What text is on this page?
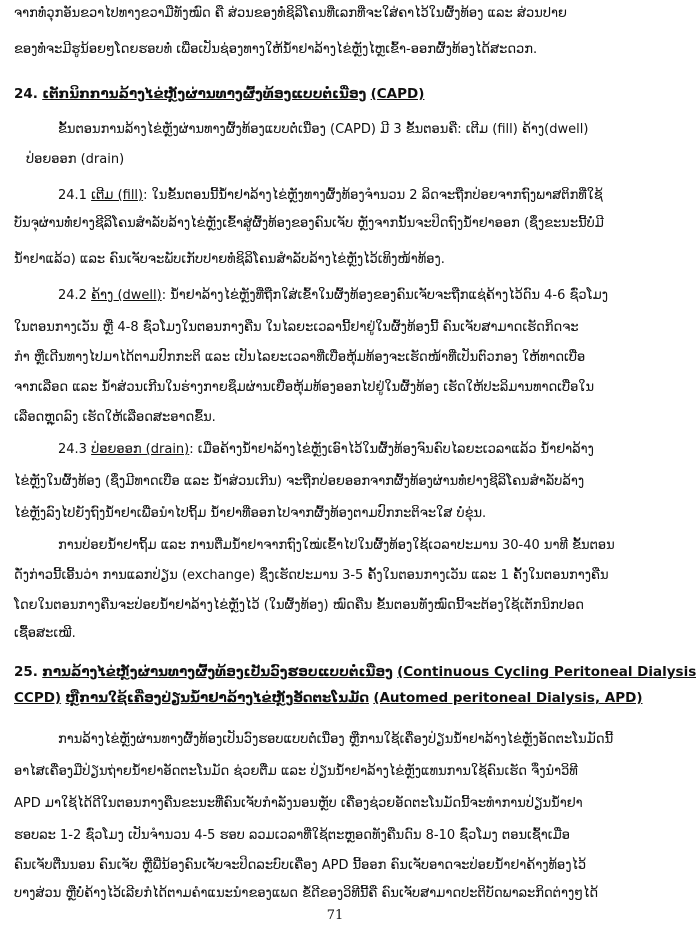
ຈາກທໍ່ວຸກອັນຂວາໄປທາງຂວາມືທັງໝົດ ຄື ສ່ວນຂອງທໍ່ຊິລິໂຄນທີ່ເລກທີ່ຈະໃສ່ຄາໄວ້ໃນຜົ້ງທ້ອງ ແລະ ສ່ວນປາຍ
ຂອງທໍ່ຈະມີຮູນ້ອຍໆໂດຍຮອບທໍ່ ເພື່ອເປັນຊ່ອງທາງໃຫ້ນ້ຳຢາລ້າງໄຂ່ຫຼັງໄຫຼເຂົ້າ-ອອກຜົ້ງທ້ອງໄດ້ສະດວກ.
24. ເຕັກນິກການລ້າງໄຂ່ຫຼັງຜ່ານທາງຜົ້ງທ້ອງແບບຕໍ່ເນື່ອງ (CAPD)
ຂັ້ນຕອນການລ້າງໄຂ່ຫຼັງຜ່ານທາງຜົ້ງທ້ອງແບບຕໍ່ເນື່ອງ (CAPD) ມີ 3 ຂັ້ນຕອນຄື: ເຕີມ (fill) ຄ້າງ(dwell)
ປ່ອຍອອກ (drain)
24.1 ເຕີມ (fill): ໃນຂັ້ນຕອນນີ້ນ້ຳຢາລ້າງໄຂ່ຫຼັງທາງຜົ້ງທ້ອງຈຳນວນ 2 ລິດຈະຖືກປ່ອຍຈາກຖົງພາສຕິກທີ່ໃຊ້
ບັນຈຸຜ່ານທໍ່ຢາງຊີລິໂຄນສຳລັບລ້າງໄຂ່ຫຼັງເຂົ້າສູ່ຜົ້ງທ້ອງຂອງຄົນເຈັບ ຫຼັງຈາກນັ້ນຈະປິດຖົງນ້ຳຢາອອກ (ຊຶ່ງຂະນະນີ້ບໍ່ມີ
ນ້ຳຢາແລ້ວ) ແລະ ຄົນເຈັບຈະພັບເກັບປາຍທໍ່ຊິລິໂຄນສຳລັບລ້າງໄຂ່ຫຼັງໄວ້ເທິງໜ້າທ້ອງ.
24.2 ຄ້າງ (dwell): ນ້ຳຢາລ້າງໄຂ່ຫຼັງທີ່ຖືກໃສ່ເຂົ້າໃນຜົ້ງທ້ອງຂອງຄົນເຈັບຈະຖືກແຊ່ຄ້າງໄວ້ດົນ 4-6 ຊົ່ວໂມງ
ໃນຕອນກາງເວັນ ຫຼື 4-8 ຊົ່ວໂມງໃນຕອນກາງຄືນ ໃນໄລຍະເວລານີ້ຢາຢູ່ໃນຜົ້ງທ້ອງນີ້ ຄົນເຈັບສາມາດເຮັດກິດຈະ
ກຳ ຫຼືເດີນທາງໄປມາໄດ້ຕາມປົກກະຕິ ແລະ ເປັນໄລຍະເວລາທີ່ເບື່ອຫຸ້ມທ້ອງຈະເຮັດໜ້າທີ່ເປັນຕົວກອງ ໃຫ້ທາດເບື່ອ
ຈາກເລືອດ ແລະ ນ້ຳສ່ວນເກີນໃນຮ່າງກາຍຊຶມຜ່ານເຍື່ອຫຸ້ມທ້ອງອອກໄປຢູ່ໃນຜົ້ງທ້ອງ ເຮັດໃຫ້ປະລິມານທາດເບື່ອໃນ
ເລືອດຫຼຸດລົງ ເຮັດໃຫ້ເລືອດສະອາດຂຶ້ນ.
24.3 ປ່ອຍອອກ (drain): ເມື່ອຄ້າງນ້ຳຢາລ້າງໄຂ່ຫຼັງເອົາໄວ້ໃນຜົ້ງທ້ອງຈົນຄົບໄລຍະເວລາແລ້ວ ນ້ຳຢາລ້າງ
ໄຂ່ຫຼັງໃນຜົ້ງທ້ອງ (ຊຶ່ງມີທາດເບື່ອ ແລະ ນ້ຳສ່ວນເກີນ) ຈະຖືກປ່ອຍອອກຈາກຜົ້ງທ້ອງຜ່ານທໍ່ຢາງຊີລິໂຄນສຳລັບລ້າງ
ໄຂ່ຫຼັງລົງໄປຍັງຖົງນ້ຳຢາເພື່ອນຳໄປຖິ້ມ ນ້ຳຢາທີ່ອອກໄປຈາກຜົ້ງທ້ອງຕາມປົກກະຕິຈະໃສ ບໍ່ຂຸ່ນ.
ການປ່ອຍນ້ຳຢາຖິ້ມ ແລະ ການຕື່ມນ້ຳຢາຈາກຖົງໃໝ່ເຂົ້າໄປໃນຜົ້ງທ້ອງໃຊ້ເວລາປະມານ 30-40 ນາທີ ຂັ້ນຕອນ
ດັ່ງກ່າວນີ້ເອີ້ນວ່າ ການແລກປ່ຽນ (exchange) ຊຶ່ງເຮັດປະມານ 3-5 ຄັ້ງໃນຕອນກາງເວັນ ແລະ 1 ຄັ້ງໃນຕອນກາງຄືນ
ໂດຍໃນຕອນກາງຄືນຈະປ່ອຍນ້ຳຢາລ້າງໄຂ່ຫຼັງໄວ້ (ໃນຜົ້ງທ້ອງ) ໝົດຄືນ ຂັ້ນຕອນທັງໝົດນີ້ຈະຕ້ອງໃຊ້ເຕັກນິກປອດ
ເຊື້ອສະເໝີ.
25. ການລ້າງໄຂ່ຫຼັງຜ່ານທາງຜົ້ງທ້ອງເປັນວົງຮອບແບບຕໍ່ເນື່ອງ (Continuous Cycling Peritoneal Dialysis
CCPD) ຫຼືການໃຊ້ເຄື່ອງປ່ຽນນ້ຳຢາລ້າງໄຂ່ຫຼັງອັດຕະໂນມັດ (Automed peritoneal Dialysis, APD)
ການລ້າງໄຂ່ຫຼັງຜ່ານທາງຜົ້ງທ້ອງເປັນວົງຮອບແບບຕໍ່ເນື່ອງ ຫຼືການໃຊ້ເຄື່ອງປ່ຽນນ້ຳຢາລ້າງໄຂ່ຫຼັງອັດຕະໂນມັດນີ້
ອາໄສເຄື່ອງມືປ່ຽນຖ່າຍນ້ຳຢາອັດຕະໂນມັດ ຊ່ວຍຕື່ມ ແລະ ປ່ຽນນ້ຳຢາລ້າງໄຂ່ຫຼັງແທນການໃຊ້ຄົນເຮັດ ຈຶ່ງນຳວິທີ
APD ມາໃຊ້ໄດ້ດີໃນຕອນກາງຄືນຂະນະທີ່ຄົນເຈັບກຳລັງນອນຫຼັບ ເຄື່ອງຊ່ວຍອັດຕະໂນມັດນີ້ຈະທຳການປ່ຽນນ້ຳຢາ
ຮອບລະ 1-2 ຊົ່ວໂມງ ເປັນຈຳນວນ 4-5 ຮອບ ລວມເວລາທີ່ໃຊ້ຕະຫຼອດທັງຄືນດົນ 8-10 ຊົ່ວໂມງ ຕອນເຊົ້າເມື່ອ
ຄົນເຈັບຕື່ນນອນ ຄົນເຈັບ ຫຼືພີ່ນ້ອງຄົນເຈັບຈະປິດລະບົບເຄື່ອງ APD ນີ້ອອກ ຄົນເຈັບອາດຈະປ່ອຍນ້ຳຢາຄ້າງທ້ອງໄວ້
ບາງສ່ວນ ຫຼືບໍ່ຄ້າງໄວ້ເລີຍກໍໄດ້ຕາມຄຳແນະນຳຂອງແພດ ຂໍ້ດີຂອງວິທີນີ້ຄື ຄົນເຈັບສາມາດປະຕິບັດພາລະກິດຕ່າງໆໄດ້
71
